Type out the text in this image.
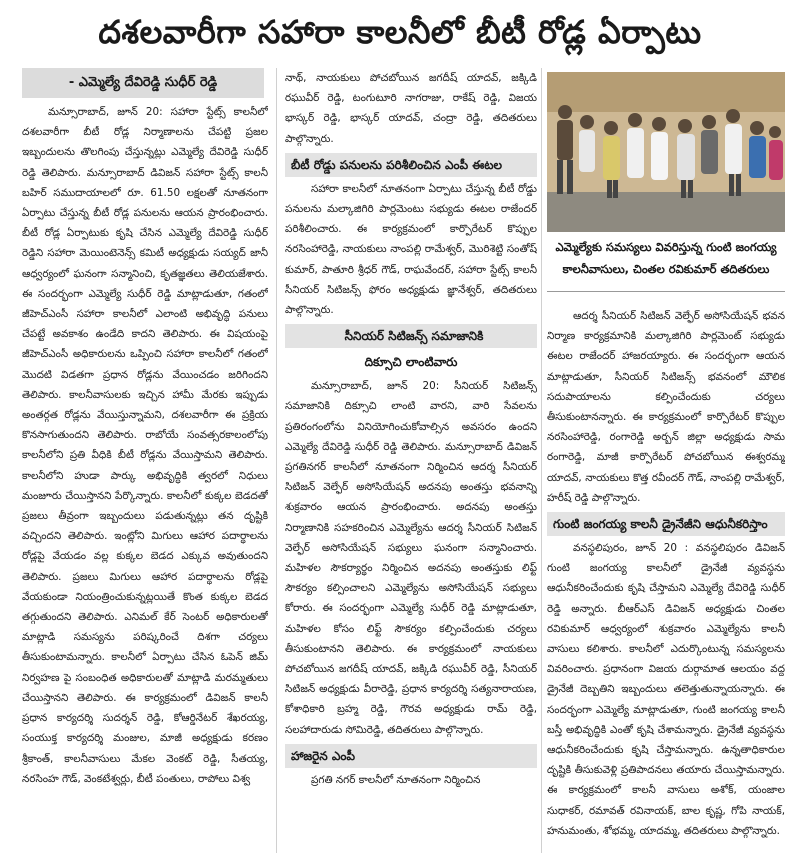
దశలవారీగా సహారా కాలనీలో బీటీ రోడ్ల ఏర్పాటు
- ఎమ్మెల్యే దేవిరెడ్డి సుధీర్ రెడ్డి

మన్సూరాబాద్, జూన్ 20: సహారా స్టేట్స్ కాలనీలో దశలవారీగా బీటీ రోడ్ల నిర్మాణాలను చేపట్టి ప్రజల ఇబ్బందులను తొలగింపు చేస్తున్నట్లు ఎమ్మెల్యే దేవిరెడ్డి సుధీర్ రెడ్డి తెలిపారు. మన్సూరాబాద్ డివిజన్ సహారా స్టేట్స్ కాలనీ బహిర్ సముదాయాలలో రూ. 61.50 లక్షలతో నూతనంగా ఏర్పాటు చేస్తున్న బీటీ రోడ్ల పనులను ఆయన ప్రారంభించారు. బీటీ రోడ్ల ఏర్పాటుకు కృషి చేసిన ఎమ్మెల్యే దేవిరెడ్డి సుధీర్ రెడ్డిని సహారా మెయింటెనెన్స్ కమిటీ అధ్యక్షుడు సయ్యద్ జానీ ఆధ్వర్యంలో ఘనంగా సన్మానించి, కృతజ్ఞతలు తెలియజేశారు. ఈ సందర్భంగా ఎమ్మెల్యే సుధీర్ రెడ్డి మాట్లాడుతూ, గతంలో జీహెచ్ఎంసీ సహారా కాలనీలో ఎలాంటి అభివృద్ధి పనులు చేపట్టే అవకాశం ఉండేది కాదని తెలిపారు. ఈ విషయంపై జీహెచ్ఎంసీ అధికారులను ఒప్పించి సహారా కాలనీలో గతంలో మొదటి విడతగా ప్రధాన రోడ్లను వేయించడం జరిగిందని తెలిపారు. కాలనీవాసులకు ఇచ్చిన హామీ మేరకు ఇప్పుడు అంతర్గత రోడ్లను వేయిస్తున్నామని, దశలవారీగా ఈ ప్రక్రియ కొనసాగుతుందని తెలిపారు. రాబోయే సంవత్సరకాలంలోపు కాలనీలోని ప్రతి వీధికి బీటీ రోడ్లను వేయిస్తామని తెలిపారు. కాలనీలోని హుడా పార్కు అభివృద్ధికి త్వరలో నిధులు మంజూరు చేయిస్తానని పేర్కొన్నారు. కాలనీలో కుక్కల బెడదతో ప్రజలు తీవ్రంగా ఇబ్బందులు పడుతున్నట్లు తన దృష్టికి వచ్చిందని తెలిపారు. ఇంట్లోని మిగులు ఆహార పదార్థాలను రోడ్లపై వేయడం వల్ల కుక్కల బెడద ఎక్కువ అవుతుందని తెలిపారు. ప్రజలు మిగులు ఆహార పదార్థాలను రోడ్లపై వేయకుండా నియంత్రించుకున్నట్లయితే కొంత కుక్కల బెడద తగ్గుతుందని తెలిపారు. ఎనిమల్ కేర్ సెంటర్ అధికారులతో మాట్లాడి సమస్యను పరిష్కరించే దిశగా చర్యలు తీసుకుంటామన్నారు. కాలనీలో ఏర్పాటు చేసిన ఓపెన్ జిమ్ నిర్వహణ పై సంబంధిత అధికారులతో మాట్లాడి మరమ్మతులు చేయిస్తానని తెలిపారు. ఈ కార్యక్రమంలో డివిజన్ కాలనీ ప్రధాన కార్యదర్శి సుదర్శన్ రెడ్డి, కోఆర్డినేటర్ శేఖరయ్య, సంయుక్త కార్యదర్శి మంజుల, మాజీ అధ్యక్షుడు కరణం శ్రీకాంత్, కాలనీవాసులు మేకల వెంకట్ రెడ్డి, సీతయ్య, నరసింహ గౌడ్, వెంకటేశ్వర్లు, బీటీ పంతులు, రాపోలు విశ్వ

నాథ్, నాయకులు పోచబోయిన జగదీష్ యాదవ్, జక్కిడి రఘువీర్ రెడ్డి, టంగుటూరి నాగరాజు, రాకేష్ రెడ్డి, విజయ భాస్కర్ రెడ్డి, భాస్కర్ యాదవ్, చంద్రా రెడ్డి, తదితరులు పాల్గొన్నారు.

బీటీ రోడ్డు పనులను పరిశీలించిన ఎంపీ ఈటల

సహారా కాలనీలో నూతనంగా ఏర్పాటు చేస్తున్న బీటీ రోడ్డు పనులను మల్కాజిగిరి పార్లమెంటు సభ్యుడు ఈటల రాజేందర్ పరిశీలించారు. ఈ కార్యక్రమంలో కార్పొరేటర్ కొప్పుల నరసింహారెడ్డి, నాయకులు నాంపల్లి రామేశ్వర్, మొరిశెట్టి సంతోష్ కుమార్, పాతూరి శ్రీధర్ గౌడ్, రాఘవేందర్, సహారా స్టేట్స్ కాలనీ సీనియర్ సిటిజన్స్ ఫోరం అధ్యక్షుడు జ్ఞానేశ్వర్, తదితరులు పాల్గొన్నారు.

సీనియర్ సిటిజన్స్ సమాజానికి
దిక్సూచి లాంటివారు

మన్సూరాబాద్, జూన్ 20: సీనియర్ సిటిజన్స్ సమాజానికి దిక్సూచి లాంటి వారని, వారి సేవలను ప్రతిరంగంలోను వినియోగించుకోవాల్సిన అవసరం ఉందని ఎమ్మెల్యే దేవిరెడ్డి సుధీర్ రెడ్డి తెలిపారు. మన్సూరాబాద్ డివిజన్ ప్రగతినగర్ కాలనీలో నూతనంగా నిర్మించిన ఆదర్శ సీనియర్ సిటిజన్ వెల్ఫేర్ అసోసియేషన్ అదనపు అంతస్తు భవనాన్ని శుక్రవారం ఆయన ప్రారంభించారు. అదనపు అంతస్తు నిర్మాణానికి సహకరించిన ఎమ్మెల్యేను ఆదర్శ సీనియర్ సిటిజన్ వెల్ఫేర్ అసోసియేషన్ సభ్యులు ఘనంగా సన్మానించారు. మహిళల సౌకర్యార్థం నిర్మించిన అదనపు అంతస్తుకు లిఫ్ట్ సౌకర్యం కల్పించాలని ఎమ్మెల్యేను అసోసియేషన్ సభ్యులు కోరారు. ఈ సందర్భంగా ఎమ్మెల్యే సుధీర్ రెడ్డి మాట్లాడుతూ, మహిళల కోసం లిఫ్ట్ సౌకర్యం కల్పించేందుకు చర్యలు తీసుకుంటానని తెలిపారు. ఈ కార్యక్రమంలో నాయకులు పోచబోయిన జగదీష్ యాదవ్, జక్కిడి రఘువీర్ రెడ్డి, సీనియర్ సిటిజన్ అధ్యక్షుడు వీరారెడ్డి, ప్రధాన కార్యదర్శి సత్యనారాయణ, కోశాధికారి బ్రహ్మ రెడ్డి, గౌరవ అధ్యక్షుడు రామ్ రెడ్డి, సలహాదారుడు సోమిరెడ్డి, తదితరులు పాల్గొన్నారు.

హాజరైన ఎంపీ

ప్రగతి నగర్ కాలనీలో నూతనంగా నిర్మించిన

ఎమ్మెల్యేకు సమస్యలు వివరిస్తున్న గుంటి జంగయ్య కాలనీవాసులు, చింతల రవికుమార్ తదితరులు

ఆదర్శ సీనియర్ సిటిజన్ వెల్ఫేర్ అసోసియేషన్ భవన నిర్మాణ కార్యక్రమానికి మల్కాజిగిరి పార్లమెంట్ సభ్యుడు ఈటల రాజేందర్ హాజరయ్యారు. ఈ సందర్భంగా ఆయన మాట్లాడుతూ, సీనియర్ సిటిజన్స్ భవనంలో మౌలిక సదుపాయాలను కల్పించేందుకు చర్యలు తీసుకుంటానన్నారు. ఈ కార్యక్రమంలో కార్పొరేటర్ కొప్పుల నరసింహారెడ్డి, రంగారెడ్డి అర్బన్ జిల్లా అధ్యక్షుడు సామ రంగారెడ్డి, మాజీ కార్పొరేటర్ పోచబోయిన ఈశ్వరమ్మ యాదవ్, నాయకులు కొత్త రవీందర్ గౌడ్, నాంపల్లి రామేశ్వర్, హరీష్ రెడ్డి పాల్గొన్నారు.

గుంటి జంగయ్య కాలనీ డ్రైనేజీని ఆధునీకరిస్తాం

వనస్థలిపురం, జూన్ 20 : వనస్థలిపురం డివిజన్ గుంటి జంగయ్య కాలనీలో డ్రైనేజీ వ్యవస్థను ఆధునీకరించేందుకు కృషి చేస్తామని ఎమ్మెల్యే దేవిరెడ్డి సుధీర్ రెడ్డి అన్నారు. బీఆర్ఎస్ డివిజన్ అధ్యక్షుడు చింతల రవికుమార్ ఆధ్వర్యంలో శుక్రవారం ఎమ్మెల్యేను కాలనీ వాసులు కలిశారు. కాలనీలో ఎదుర్కొంటున్న సమస్యలను వివరించారు. ప్రధానంగా విజయ దుర్గామాత ఆలయం వద్ద డ్రైనేజీ దెబ్బతిని ఇబ్బందులు తలెత్తుతున్నాయన్నారు. ఈ సందర్భంగా ఎమ్మెల్యే మాట్లాడుతూ, గుంటి జంగయ్య కాలనీ బస్తీ అభివృద్ధికి ఎంతో కృషి చేశామన్నారు. డ్రైనేజీ వ్యవస్థను ఆధునీకరించేందుకు కృషి చేస్తామన్నారు. ఉన్నతాధికారుల దృష్టికి తీసుకువెళ్లి ప్రతిపాదనలు తయారు చేయిస్తామన్నారు. ఈ కార్యక్రమంలో కాలనీ వాసులు అశోక్, యంజాల సుధాకర్, రమావత్ రవినాయక్, బాల కృష్ణ, గోపి నాయక్, హనుమంతు, శోభమ్మ, యాదమ్మ, తదితరులు పాల్గొన్నారు.
